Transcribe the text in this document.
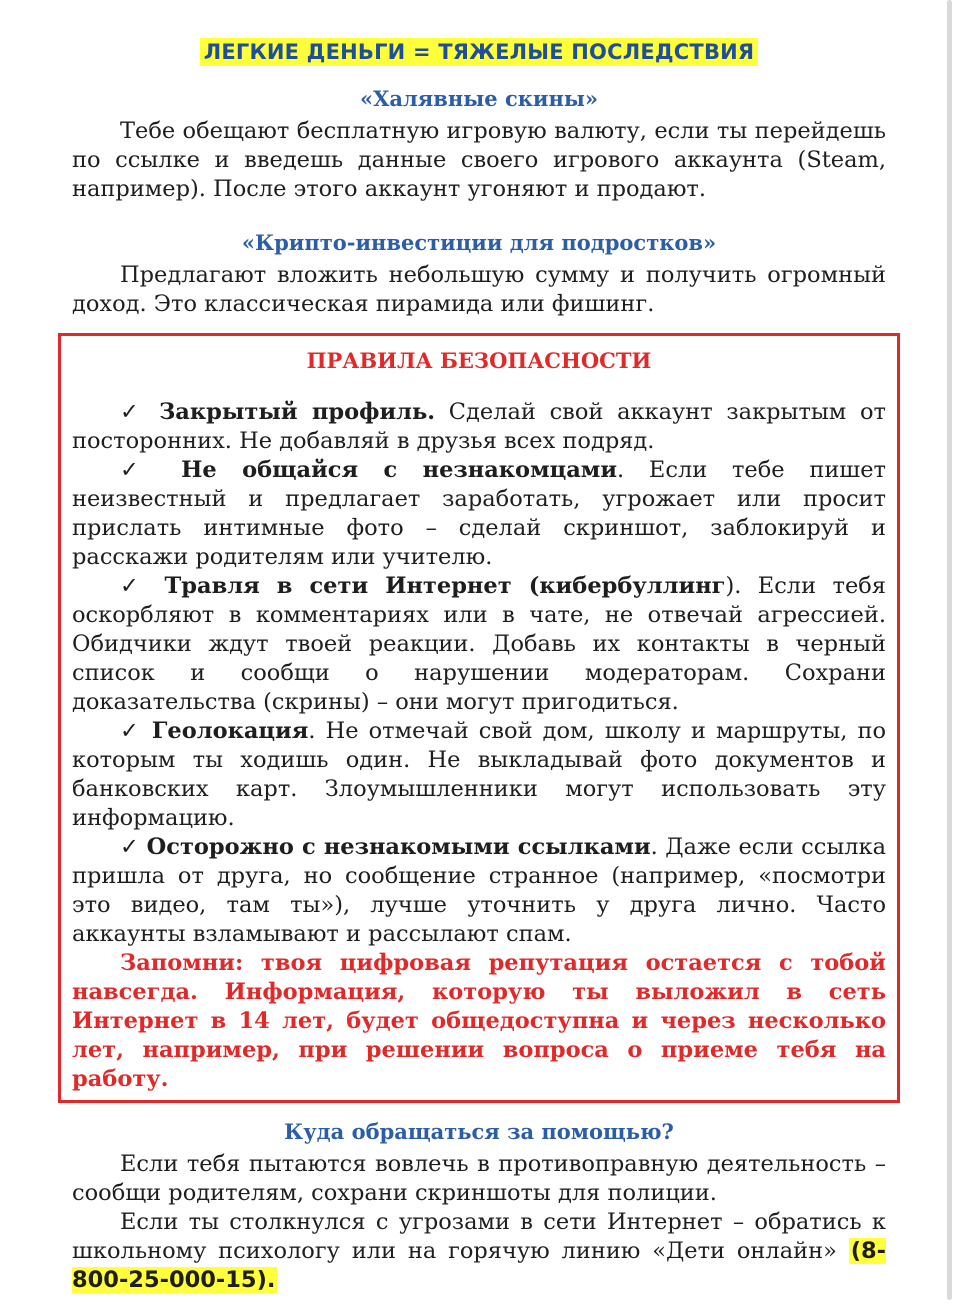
ЛЕГКИЕ ДЕНЬГИ = ТЯЖЕЛЫЕ ПОСЛЕДСТВИЯ
«Халявные скины»

Тебе обещают бесплатную игровую валюту, если ты перейдешь по ссылке и введешь данные своего игрового аккаунта (Steam, например). После этого аккаунт угоняют и продают.

«Крипто-инвестиции для подростков»

Предлагают вложить небольшую сумму и получить огромный доход. Это классическая пирамида или фишинг.

ПРАВИЛА БЕЗОПАСНОСТИ

✓ Закрытый профиль. Сделай свой аккаунт закрытым от посторонних. Не добавляй в друзья всех подряд.

✓ Не общайся с незнакомцами. Если тебе пишет неизвестный и предлагает заработать, угрожает или просит прислать интимные фото – сделай скриншот, заблокируй и расскажи родителям или учителю.

✓ Травля в сети Интернет (кибербуллинг). Если тебя оскорбляют в комментариях или в чате, не отвечай агрессией. Обидчики ждут твоей реакции. Добавь их контакты в черный список и сообщи о нарушении модераторам. Сохрани доказательства (скрины) – они могут пригодиться.

✓ Геолокация. Не отмечай свой дом, школу и маршруты, по которым ты ходишь один. Не выкладывай фото документов и банковских карт. Злоумышленники могут использовать эту информацию.

✓ Осторожно с незнакомыми ссылками. Даже если ссылка пришла от друга, но сообщение странное (например, «посмотри это видео, там ты»), лучше уточнить у друга лично. Часто аккаунты взламывают и рассылают спам.

Запомни: твоя цифровая репутация остается с тобой навсегда. Информация, которую ты выложил в сеть Интернет в 14 лет, будет общедоступна и через несколько лет, например, при решении вопроса о приеме тебя на работу.

Куда обращаться за помощью?

Если тебя пытаются вовлечь в противоправную деятельность – сообщи родителям, сохрани скриншоты для полиции.

Если ты столкнулся с угрозами в сети Интернет – обратись к школьному психологу или на горячую линию «Дети онлайн» (8-800-25-000-15).
